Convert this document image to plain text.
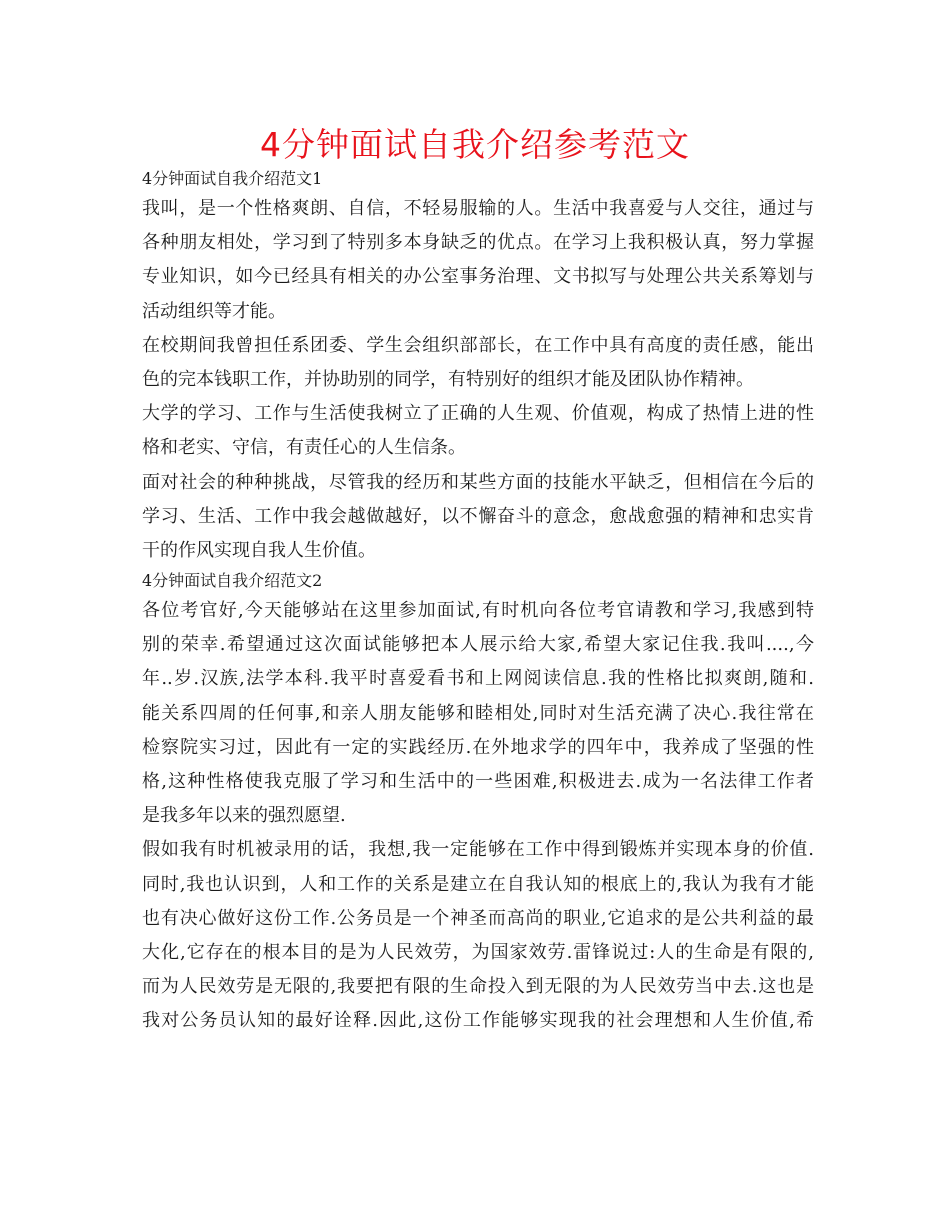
4分钟面试自我介绍参考范文
4分钟面试自我介绍范文1
我叫，是一个性格爽朗、自信，不轻易服输的人。生活中我喜爱与人交往，通过与
各种朋友相处，学习到了特别多本身缺乏的优点。在学习上我积极认真，努力掌握
专业知识，如今已经具有相关的办公室事务治理、文书拟写与处理公共关系筹划与
活动组织等才能。
在校期间我曾担任系团委、学生会组织部部长，在工作中具有高度的责任感，能出
色的完本钱职工作，并协助别的同学，有特别好的组织才能及团队协作精神。
大学的学习、工作与生活使我树立了正确的人生观、价值观，构成了热情上进的性
格和老实、守信，有责任心的人生信条。
面对社会的种种挑战，尽管我的经历和某些方面的技能水平缺乏，但相信在今后的
学习、生活、工作中我会越做越好，以不懈奋斗的意念，愈战愈强的精神和忠实肯
干的作风实现自我人生价值。
4分钟面试自我介绍范文2
各位考官好,今天能够站在这里参加面试,有时机向各位考官请教和学习,我感到特
别的荣幸.希望通过这次面试能够把本人展示给大家,希望大家记住我.我叫....,今
年..岁.汉族,法学本科.我平时喜爱看书和上网阅读信息.我的性格比拟爽朗,随和.
能关系四周的任何事,和亲人朋友能够和睦相处,同时对生活充满了决心.我往常在
检察院实习过，因此有一定的实践经历.在外地求学的四年中，我养成了坚强的性
格,这种性格使我克服了学习和生活中的一些困难,积极进去.成为一名法律工作者
是我多年以来的强烈愿望.
假如我有时机被录用的话，我想,我一定能够在工作中得到锻炼并实现本身的价值.
同时,我也认识到，人和工作的关系是建立在自我认知的根底上的,我认为我有才能
也有决心做好这份工作.公务员是一个神圣而高尚的职业,它追求的是公共利益的最
大化,它存在的根本目的是为人民效劳，为国家效劳.雷锋说过:人的生命是有限的,
而为人民效劳是无限的,我要把有限的生命投入到无限的为人民效劳当中去.这也是
我对公务员认知的最好诠释.因此,这份工作能够实现我的社会理想和人生价值,希
